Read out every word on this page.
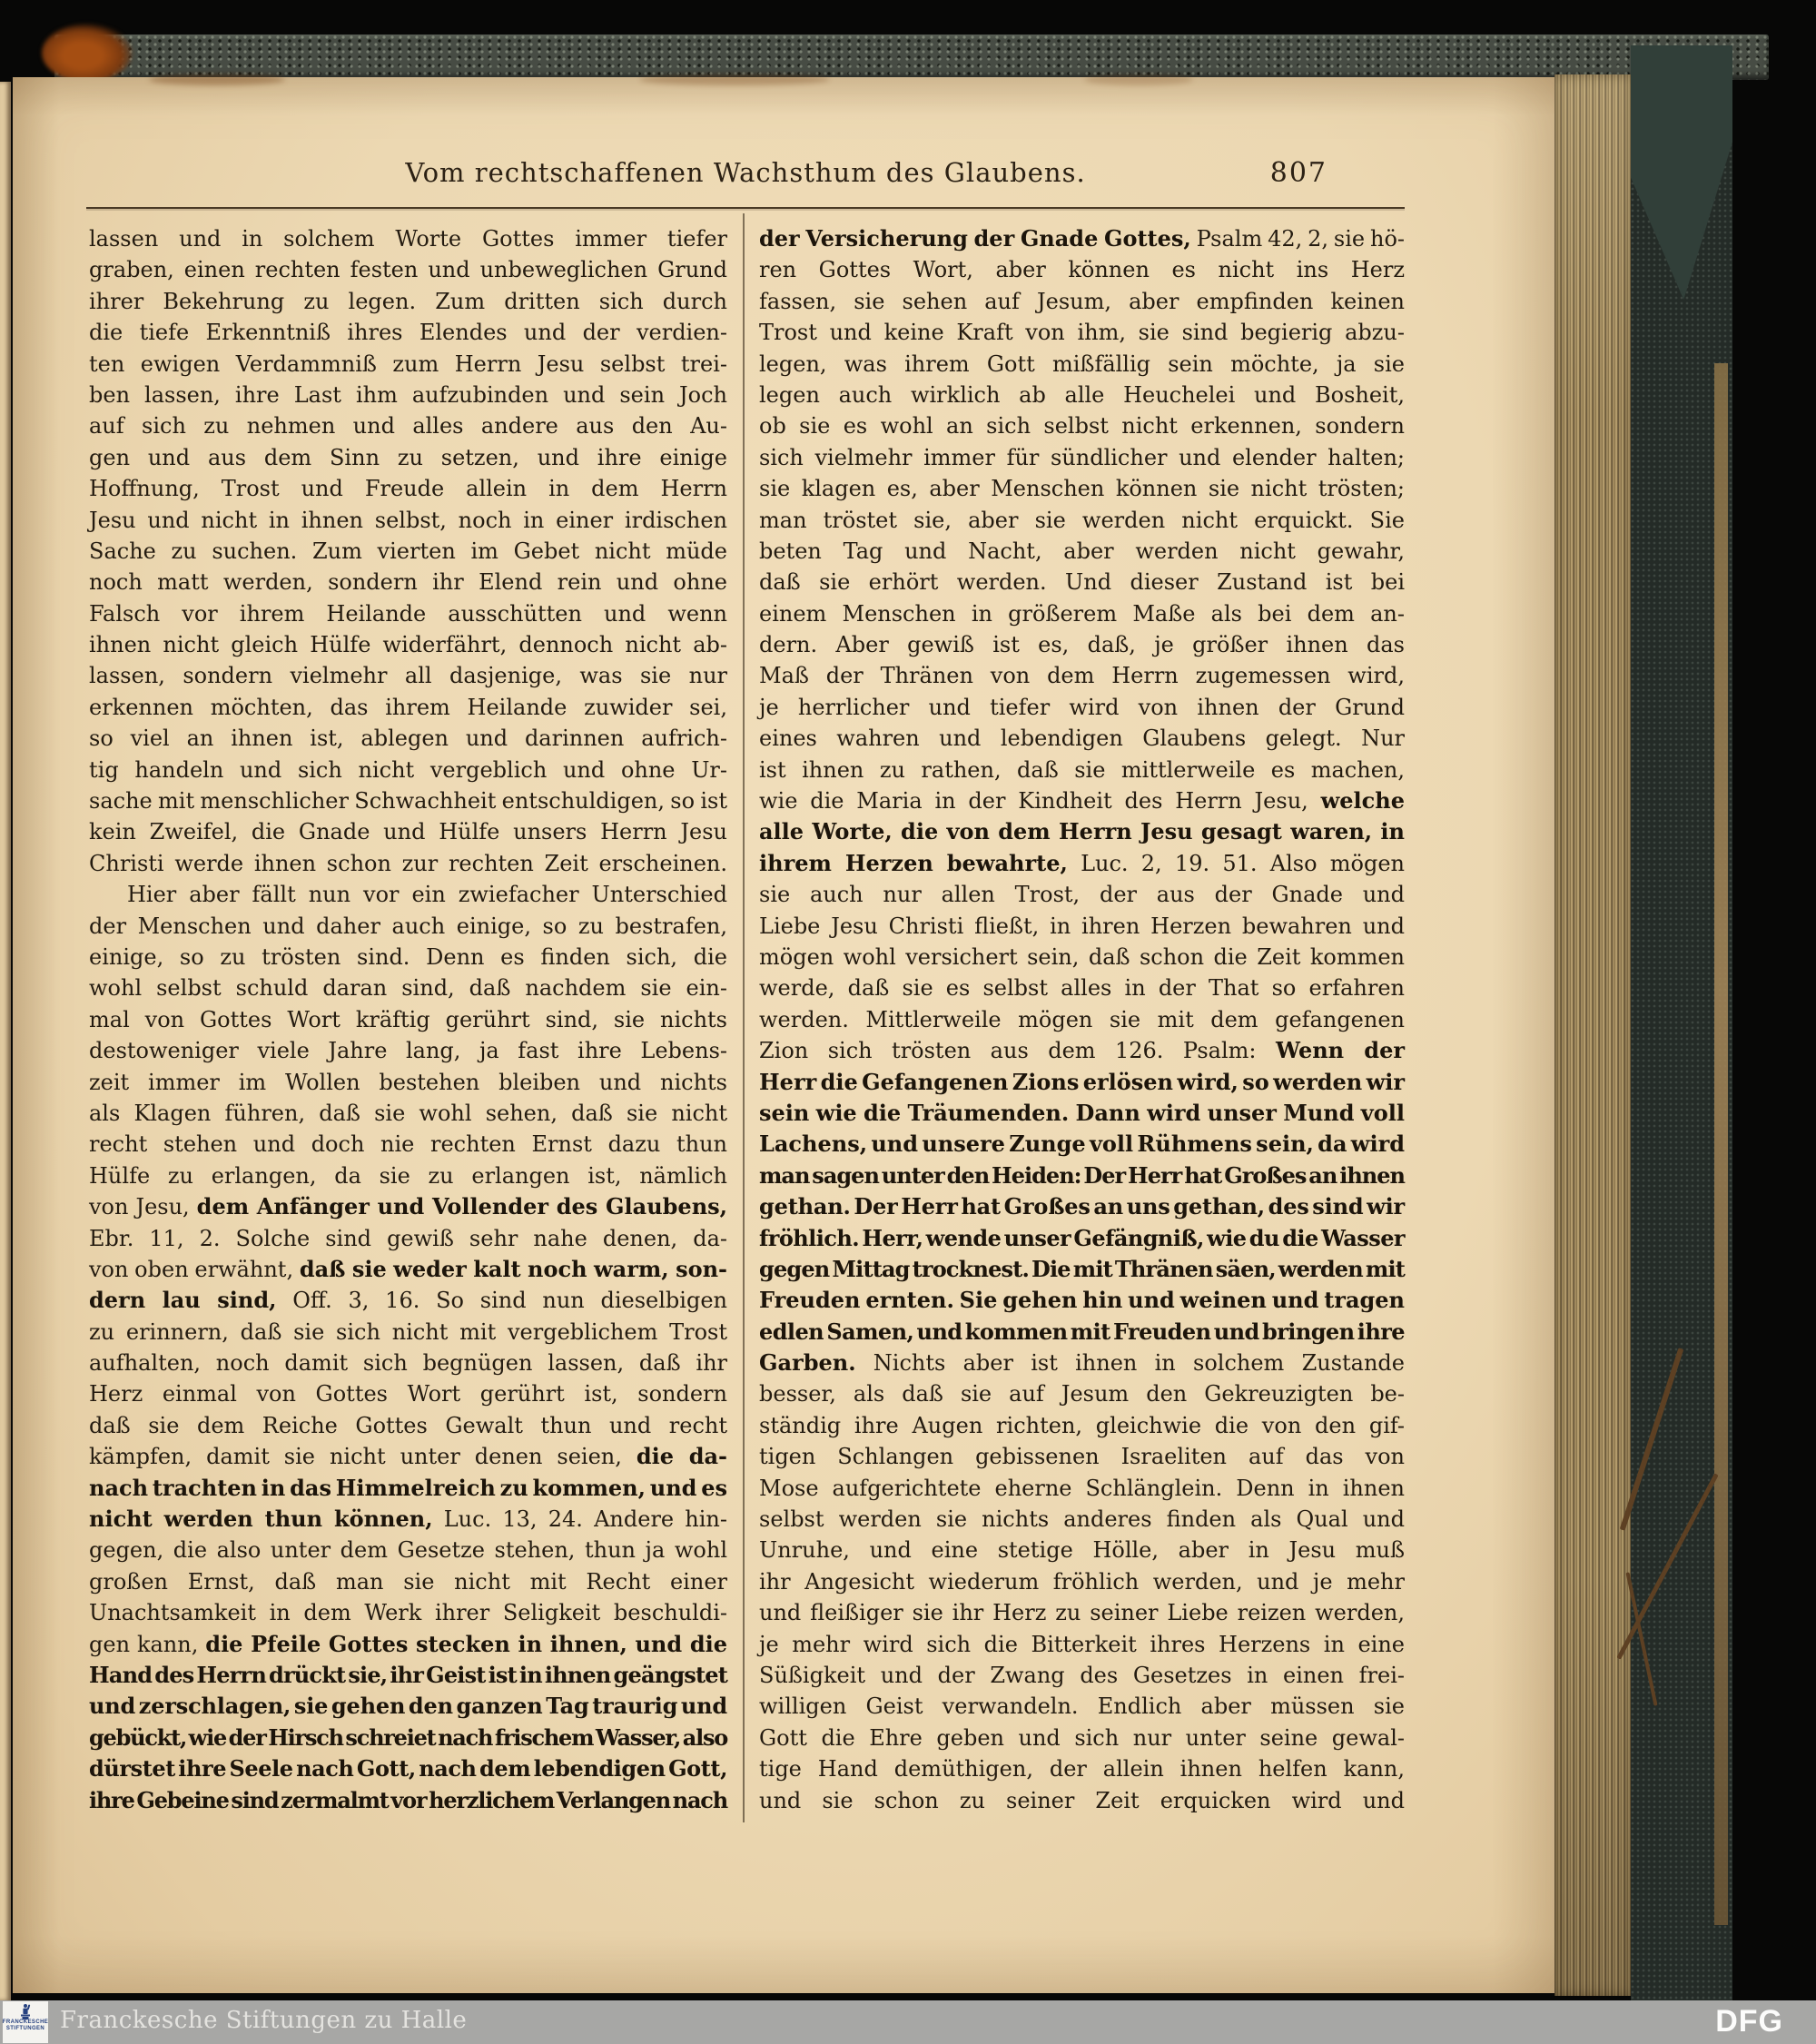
Vom rechtschaffenen Wachsthum des Glaubens.	807
lassen und in solchem Worte Gottes immer tiefer
graben, einen rechten festen und unbeweglichen Grund
ihrer Bekehrung zu legen. Zum dritten sich durch
die tiefe Erkenntniß ihres Elendes und der verdien-
ten ewigen Verdammniß zum Herrn Jesu selbst trei-
ben lassen, ihre Last ihm aufzubinden und sein Joch
auf sich zu nehmen und alles andere aus den Au-
gen und aus dem Sinn zu setzen, und ihre einige
Hoffnung, Trost und Freude allein in dem Herrn
Jesu und nicht in ihnen selbst, noch in einer irdischen
Sache zu suchen. Zum vierten im Gebet nicht müde
noch matt werden, sondern ihr Elend rein und ohne
Falsch vor ihrem Heilande ausschütten und wenn
ihnen nicht gleich Hülfe widerfährt, dennoch nicht ab-
lassen, sondern vielmehr all dasjenige, was sie nur
erkennen möchten, das ihrem Heilande zuwider sei,
so viel an ihnen ist, ablegen und darinnen aufrich-
tig handeln und sich nicht vergeblich und ohne Ur-
sache mit menschlicher Schwachheit entschuldigen, so ist
kein Zweifel, die Gnade und Hülfe unsers Herrn Jesu
Christi werde ihnen schon zur rechten Zeit erscheinen.
Hier aber fällt nun vor ein zwiefacher Unterschied
der Menschen und daher auch einige, so zu bestrafen,
einige, so zu trösten sind. Denn es finden sich, die
wohl selbst schuld daran sind, daß nachdem sie ein-
mal von Gottes Wort kräftig gerührt sind, sie nichts
destoweniger viele Jahre lang, ja fast ihre Lebens-
zeit immer im Wollen bestehen bleiben und nichts
als Klagen führen, daß sie wohl sehen, daß sie nicht
recht stehen und doch nie rechten Ernst dazu thun
Hülfe zu erlangen, da sie zu erlangen ist, nämlich
von Jesu, dem Anfänger und Vollender des Glaubens,
Ebr. 11, 2. Solche sind gewiß sehr nahe denen, da-
von oben erwähnt, daß sie weder kalt noch warm, son-
dern lau sind, Off. 3, 16. So sind nun dieselbigen
zu erinnern, daß sie sich nicht mit vergeblichem Trost
aufhalten, noch damit sich begnügen lassen, daß ihr
Herz einmal von Gottes Wort gerührt ist, sondern
daß sie dem Reiche Gottes Gewalt thun und recht
kämpfen, damit sie nicht unter denen seien, die da-
nach trachten in das Himmelreich zu kommen, und es
nicht werden thun können, Luc. 13, 24. Andere hin-
gegen, die also unter dem Gesetze stehen, thun ja wohl
großen Ernst, daß man sie nicht mit Recht einer
Unachtsamkeit in dem Werk ihrer Seligkeit beschuldi-
gen kann, die Pfeile Gottes stecken in ihnen, und die
Hand des Herrn drückt sie, ihr Geist ist in ihnen geängstet
und zerschlagen, sie gehen den ganzen Tag traurig und
gebückt, wie der Hirsch schreiet nach frischem Wasser, also
dürstet ihre Seele nach Gott, nach dem lebendigen Gott,
ihre Gebeine sind zermalmt vor herzlichem Verlangen nach
der Versicherung der Gnade Gottes, Psalm 42, 2, sie hö-
ren Gottes Wort, aber können es nicht ins Herz
fassen, sie sehen auf Jesum, aber empfinden keinen
Trost und keine Kraft von ihm, sie sind begierig abzu-
legen, was ihrem Gott mißfällig sein möchte, ja sie
legen auch wirklich ab alle Heuchelei und Bosheit,
ob sie es wohl an sich selbst nicht erkennen, sondern
sich vielmehr immer für sündlicher und elender halten;
sie klagen es, aber Menschen können sie nicht trösten;
man tröstet sie, aber sie werden nicht erquickt. Sie
beten Tag und Nacht, aber werden nicht gewahr,
daß sie erhört werden. Und dieser Zustand ist bei
einem Menschen in größerem Maße als bei dem an-
dern. Aber gewiß ist es, daß, je größer ihnen das
Maß der Thränen von dem Herrn zugemessen wird,
je herrlicher und tiefer wird von ihnen der Grund
eines wahren und lebendigen Glaubens gelegt. Nur
ist ihnen zu rathen, daß sie mittlerweile es machen,
wie die Maria in der Kindheit des Herrn Jesu, welche
alle Worte, die von dem Herrn Jesu gesagt waren, in
ihrem Herzen bewahrte, Luc. 2, 19. 51. Also mögen
sie auch nur allen Trost, der aus der Gnade und
Liebe Jesu Christi fließt, in ihren Herzen bewahren und
mögen wohl versichert sein, daß schon die Zeit kommen
werde, daß sie es selbst alles in der That so erfahren
werden. Mittlerweile mögen sie mit dem gefangenen
Zion sich trösten aus dem 126. Psalm: Wenn der
Herr die Gefangenen Zions erlösen wird, so werden wir
sein wie die Träumenden. Dann wird unser Mund voll
Lachens, und unsere Zunge voll Rühmens sein, da wird
man sagen unter den Heiden: Der Herr hat Großes an ihnen
gethan. Der Herr hat Großes an uns gethan, des sind wir
fröhlich. Herr, wende unser Gefängniß, wie du die Wasser
gegen Mittag trocknest. Die mit Thränen säen, werden mit
Freuden ernten. Sie gehen hin und weinen und tragen
edlen Samen, und kommen mit Freuden und bringen ihre
Garben. Nichts aber ist ihnen in solchem Zustande
besser, als daß sie auf Jesum den Gekreuzigten be-
ständig ihre Augen richten, gleichwie die von den gif-
tigen Schlangen gebissenen Israeliten auf das von
Mose aufgerichtete eherne Schlänglein. Denn in ihnen
selbst werden sie nichts anderes finden als Qual und
Unruhe, und eine stetige Hölle, aber in Jesu muß
ihr Angesicht wiederum fröhlich werden, und je mehr
und fleißiger sie ihr Herz zu seiner Liebe reizen werden,
je mehr wird sich die Bitterkeit ihres Herzens in eine
Süßigkeit und der Zwang des Gesetzes in einen frei-
willigen Geist verwandeln. Endlich aber müssen sie
Gott die Ehre geben und sich nur unter seine gewal-
tige Hand demüthigen, der allein ihnen helfen kann,
und sie schon zu seiner Zeit erquicken wird und
FRANCKESCHE
STIFTUNGEN Franckesche Stiftungen zu Halle	DFG
